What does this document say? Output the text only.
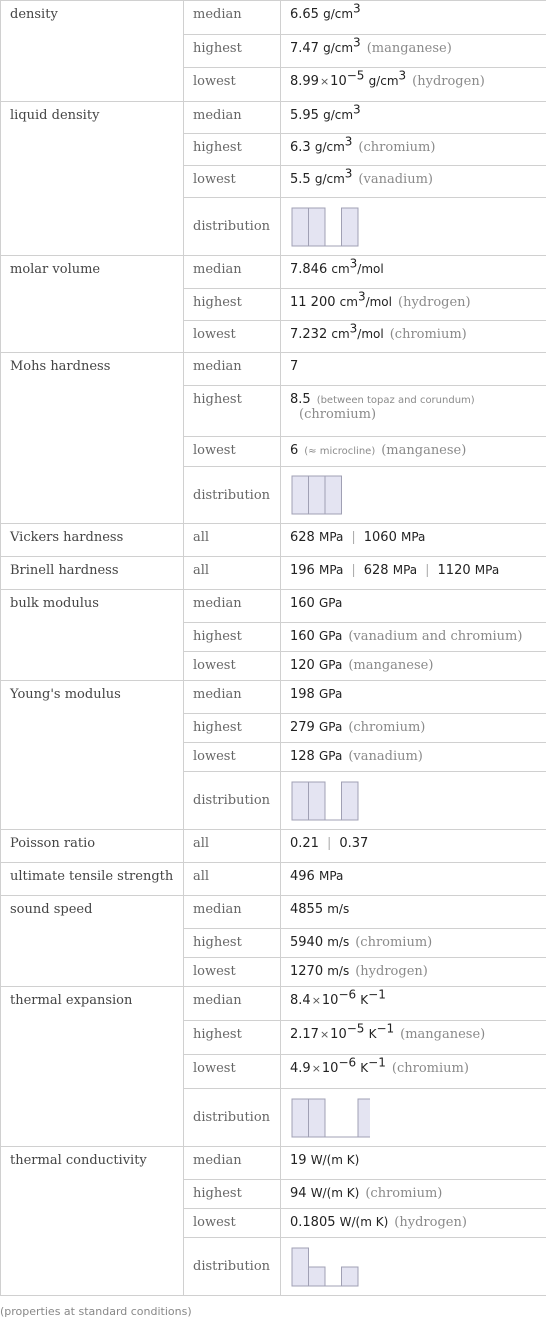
density	median	6.65 $g/cm^3$
	highest	7.47 $g/cm^3$ (manganese)
	lowest	$8.99\times 10^{-5}$ $g/cm^3$ (hydrogen)
liquid density	median	5.95 $g/cm^3$
	highest	6.3 $g/cm^3$ (chromium)
	lowest	5.5 $g/cm^3$ (vanadium)
	distribution	

molar volume	median	7.846 $cm^3$/mol
	highest	11 200 $cm^3$/mol (hydrogen)
	lowest	7.232 $cm^3$/mol (chromium)
Mohs hardness	median	7
	highest	8.5 (between topaz and corundum)
(chromium)
	lowest	6 (≈ microcline) (manganese)
	distribution	

Vickers hardness	all	628 MPa | 1060 MPa
Brinell hardness	all	196 MPa | 628 MPa | 1120 MPa
bulk modulus	median	160 GPa
	highest	160 GPa (vanadium and chromium)
	lowest	120 GPa (manganese)
Young's modulus	median	198 GPa
	highest	279 GPa (chromium)
	lowest	128 GPa (vanadium)
	distribution	

Poisson ratio	all	0.21 | 0.37
ultimate tensile strength	all	496 MPa
sound speed	median	4855 m/s
	highest	5940 m/s (chromium)
	lowest	1270 m/s (hydrogen)
thermal expansion	median	$8.4\times 10^{-6}$ $K^{-1}$
	highest	$2.17\times 10^{-5}$ $K^{-1}$ (manganese)
	lowest	$4.9\times 10^{-6}$ $K^{-1}$ (chromium)
	distribution	

thermal conductivity	median	19 W/(m K)
	highest	94 W/(m K) (chromium)
	lowest	0.1805 W/(m K) (hydrogen)
	distribution	
(properties at standard conditions)
